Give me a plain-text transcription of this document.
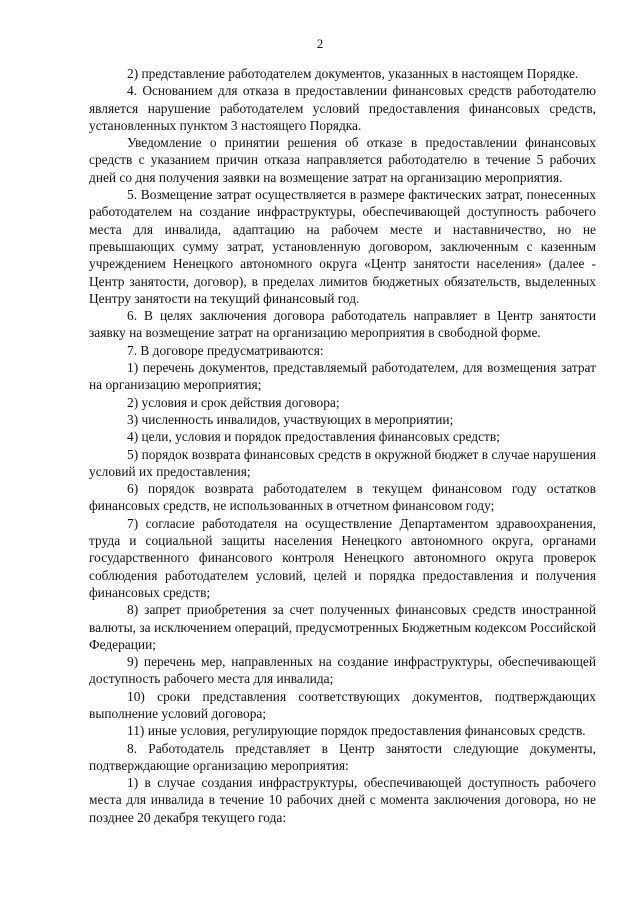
2

2) представление работодателем документов, указанных в настоящем Порядке.

4. Основанием для отказа в предоставлении финансовых средств работодателю является нарушение работодателем условий предоставления финансовых средств, установленных пунктом 3 настоящего Порядка.

Уведомление о принятии решения об отказе в предоставлении финансовых средств с указанием причин отказа направляется работодателю в течение 5 рабочих дней со дня получения заявки на возмещение затрат на организацию мероприятия.

5. Возмещение затрат осуществляется в размере фактических затрат, понесенных работодателем на создание инфраструктуры, обеспечивающей доступность рабочего места для инвалида, адаптацию на рабочем месте и наставничество, но не превышающих сумму затрат, установленную договором, заключенным с казенным учреждением Ненецкого автономного округа «Центр занятости населения» (далее - Центр занятости, договор), в пределах лимитов бюджетных обязательств, выделенных Центру занятости на текущий финансовый год.

6. В целях заключения договора работодатель направляет в Центр занятости заявку на возмещение затрат на организацию мероприятия в свободной форме.

7. В договоре предусматриваются:

1) перечень документов, представляемый работодателем, для возмещения затрат на организацию мероприятия;

2) условия и срок действия договора;

3) численность инвалидов, участвующих в мероприятии;

4) цели, условия и порядок предоставления финансовых средств;

5) порядок возврата финансовых средств в окружной бюджет в случае нарушения условий их предоставления;

6) порядок возврата работодателем в текущем финансовом году остатков финансовых средств, не использованных в отчетном финансовом году;

7) согласие работодателя на осуществление Департаментом здравоохранения, труда и социальной защиты населения Ненецкого автономного округа, органами государственного финансового контроля Ненецкого автономного округа проверок соблюдения работодателем условий, целей и порядка предоставления и получения финансовых средств;

8) запрет приобретения за счет полученных финансовых средств иностранной валюты, за исключением операций, предусмотренных Бюджетным кодексом Российской Федерации;

9) перечень мер, направленных на создание инфраструктуры, обеспечивающей доступность рабочего места для инвалида;

10) сроки представления соответствующих документов, подтверждающих выполнение условий договора;

11) иные условия, регулирующие порядок предоставления финансовых средств.

8. Работодатель представляет в Центр занятости следующие документы, подтверждающие организацию мероприятия:

1) в случае создания инфраструктуры, обеспечивающей доступность рабочего места для инвалида в течение 10 рабочих дней с момента заключения договора, но не позднее 20 декабря текущего года:
